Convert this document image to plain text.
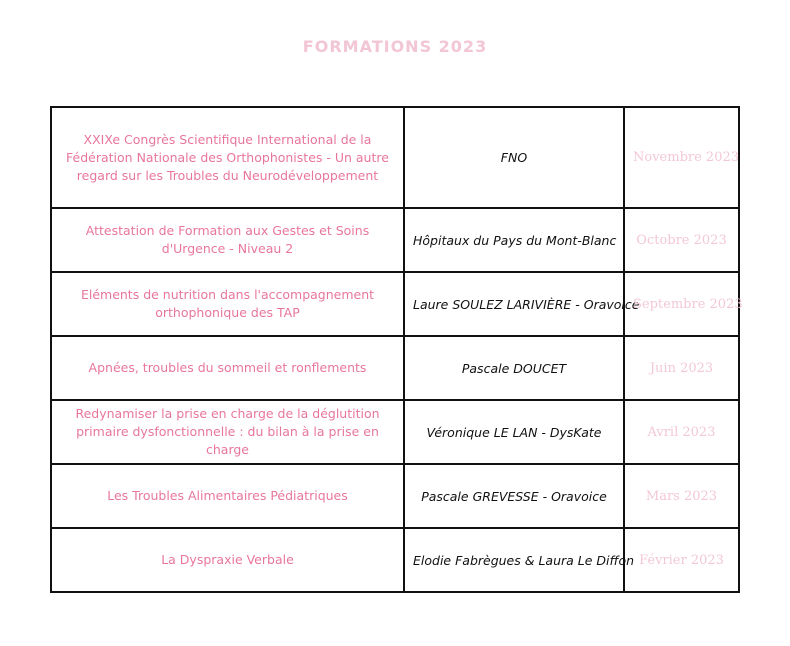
FORMATIONS 2023
XXIXe Congrès Scientifique International de la Fédération Nationale des Orthophonistes - Un autre regard sur les Troubles du Neurodéveloppement	FNO	Novembre 2023
Attestation de Formation aux Gestes et Soins d'Urgence - Niveau 2	Hôpitaux du Pays du Mont-Blanc	Octobre 2023
Eléments de nutrition dans l'accompagnement orthophonique des TAP	Laure SOULEZ LARIVIÈRE - Oravoice	Septembre 2023
Apnées, troubles du sommeil et ronflements	Pascale DOUCET	Juin 2023
Redynamiser la prise en charge de la déglutition primaire dysfonctionnelle : du bilan à la prise en charge	Véronique LE LAN - DysKate	Avril 2023
Les Troubles Alimentaires Pédiatriques	Pascale GREVESSE - Oravoice	Mars 2023
La Dyspraxie Verbale	Elodie Fabrègues & Laura Le Diffon	Février 2023
